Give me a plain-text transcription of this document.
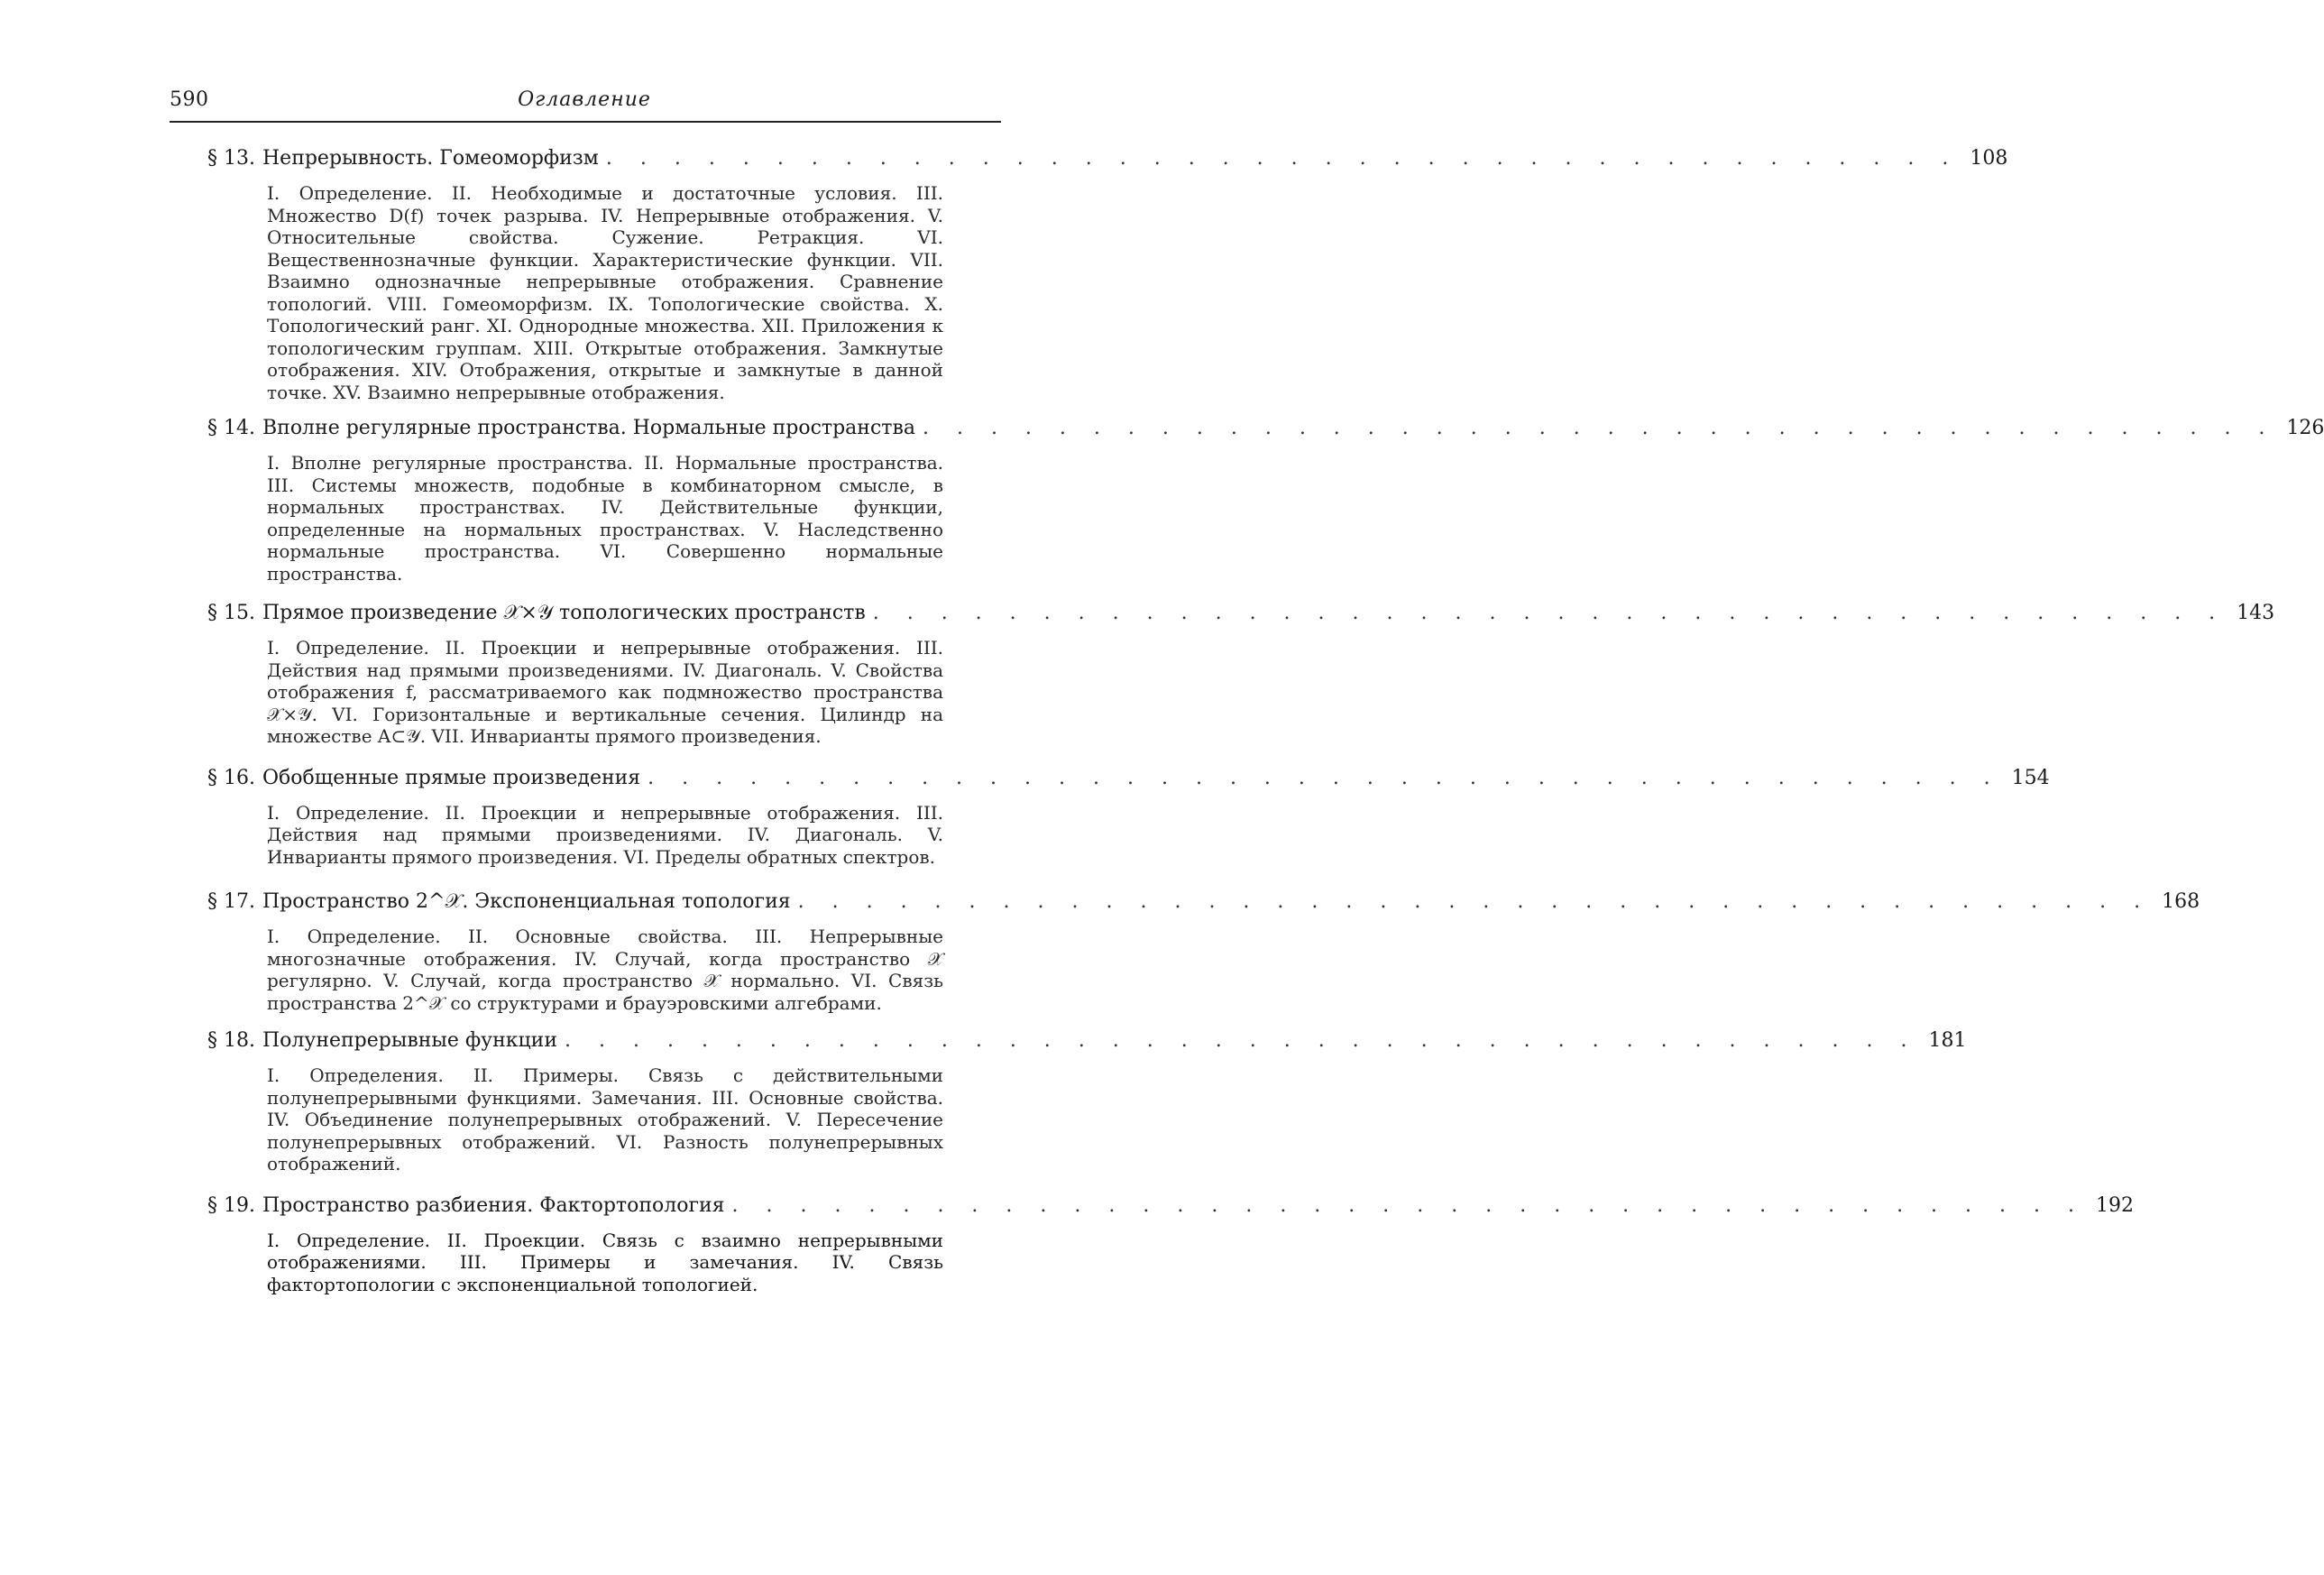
590	Оглавление
§ 13. Непрерывность. Гомеоморфизм . . . . . . . . . . . . . . . . . . . . . . . . . . . . . . . . . . . . . . . . 108

I. Определение. II. Необходимые и достаточные условия. III. Множество D(f) точек разрыва. IV. Непрерывные отображения. V. Относительные свойства. Сужение. Ретракция. VI. Вещественнозначные функции. Характеристические функции. VII. Взаимно однозначные непрерывные отображения. Сравнение топологий. VIII. Гомеоморфизм. IX. Топологические свойства. X. Топологический ранг. XI. Однородные множества. XII. Приложения к топологическим группам. XIII. Открытые отображения. Замкнутые отображения. XIV. Отображения, открытые и замкнутые в данной точке. XV. Взаимно непрерывные отображения.

§ 14. Вполне регулярные пространства. Нормальные пространства . . . . . . . . . . . . . . . . . . . . . . . . . . . . . . . . . . . . . . . . 126

I. Вполне регулярные пространства. II. Нормальные пространства. III. Системы множеств, подобные в комбинаторном смысле, в нормальных пространствах. IV. Действительные функции, определенные на нормальных пространствах. V. Наследственно нормальные пространства. VI. Совершенно нормальные пространства.

§ 15. Прямое произведение 𝒳×𝒴 топологических пространств . . . . . . . . . . . . . . . . . . . . . . . . . . . . . . . . . . . . . . . . 143

I. Определение. II. Проекции и непрерывные отображения. III. Действия над прямыми произведениями. IV. Диагональ. V. Свойства отображения f, рассматриваемого как подмножество пространства 𝒳×𝒴. VI. Горизонтальные и вертикальные сечения. Цилиндр на множестве A⊂𝒴. VII. Инварианты прямого произведения.

§ 16. Обобщенные прямые произведения . . . . . . . . . . . . . . . . . . . . . . . . . . . . . . . . . . . . . . . . 154

I. Определение. II. Проекции и непрерывные отображения. III. Действия над прямыми произведениями. IV. Диагональ. V. Инварианты прямого произведения. VI. Пределы обратных спектров.

§ 17. Пространство 2^𝒳. Экспоненциальная топология . . . . . . . . . . . . . . . . . . . . . . . . . . . . . . . . . . . . . . . . 168

I. Определение. II. Основные свойства. III. Непрерывные многозначные отображения. IV. Случай, когда пространство 𝒳 регулярно. V. Случай, когда пространство 𝒳 нормально. VI. Связь пространства 2^𝒳 со структурами и брауэровскими алгебрами.

§ 18. Полунепрерывные функции . . . . . . . . . . . . . . . . . . . . . . . . . . . . . . . . . . . . . . . . 181

I. Определения. II. Примеры. Связь с действительными полунепрерывными функциями. Замечания. III. Основные свойства. IV. Объединение полунепрерывных отображений. V. Пересечение полунепрерывных отображений. VI. Разность полунепрерывных отображений.

§ 19. Пространство разбиения. Фактортопология . . . . . . . . . . . . . . . . . . . . . . . . . . . . . . . . . . . . . . . . 192

I. Определение. II. Проекции. Связь с взаимно непрерывными отображениями. III. Примеры и замечания. IV. Связь фактортопологии с экспоненциальной топологией.
